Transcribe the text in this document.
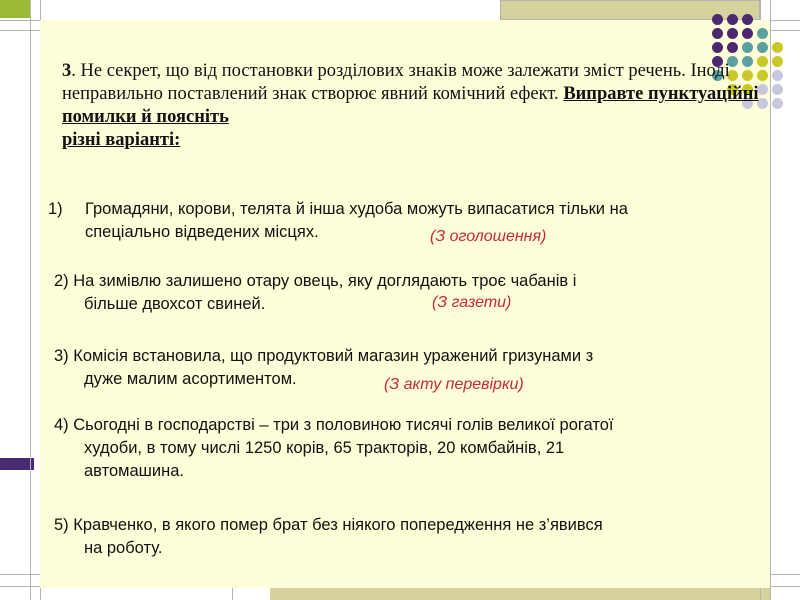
3. Не секрет, що від постановки розділових знаків може залежати зміст речень. Іноді неправильно поставлений знак створює явний комічний ефект. Виправте пунктуаційні помилки й поясніть
різні варіанті:
1) Громадяни, корови, телята й інша худоба можуть випасатися тільки на
спеціально відведених місцях.	(З оголошення)
2) На зимівлю залишено отару овець, яку доглядають троє чабанів і
більше двохсот свиней.	(З газети)
3) Комісія встановила, що продуктовий магазин уражений гризунами з
дуже малим асортиментом.	(З акту перевірки)
4) Сьогодні в господарстві – три з половиною тисячі голів великої рогатої
худоби, в тому числі 1250 корів, 65 тракторів, 20 комбайнів, 21
автомашина.
5) Кравченко, в якого помер брат без ніякого попередження не з’явився
на роботу.
